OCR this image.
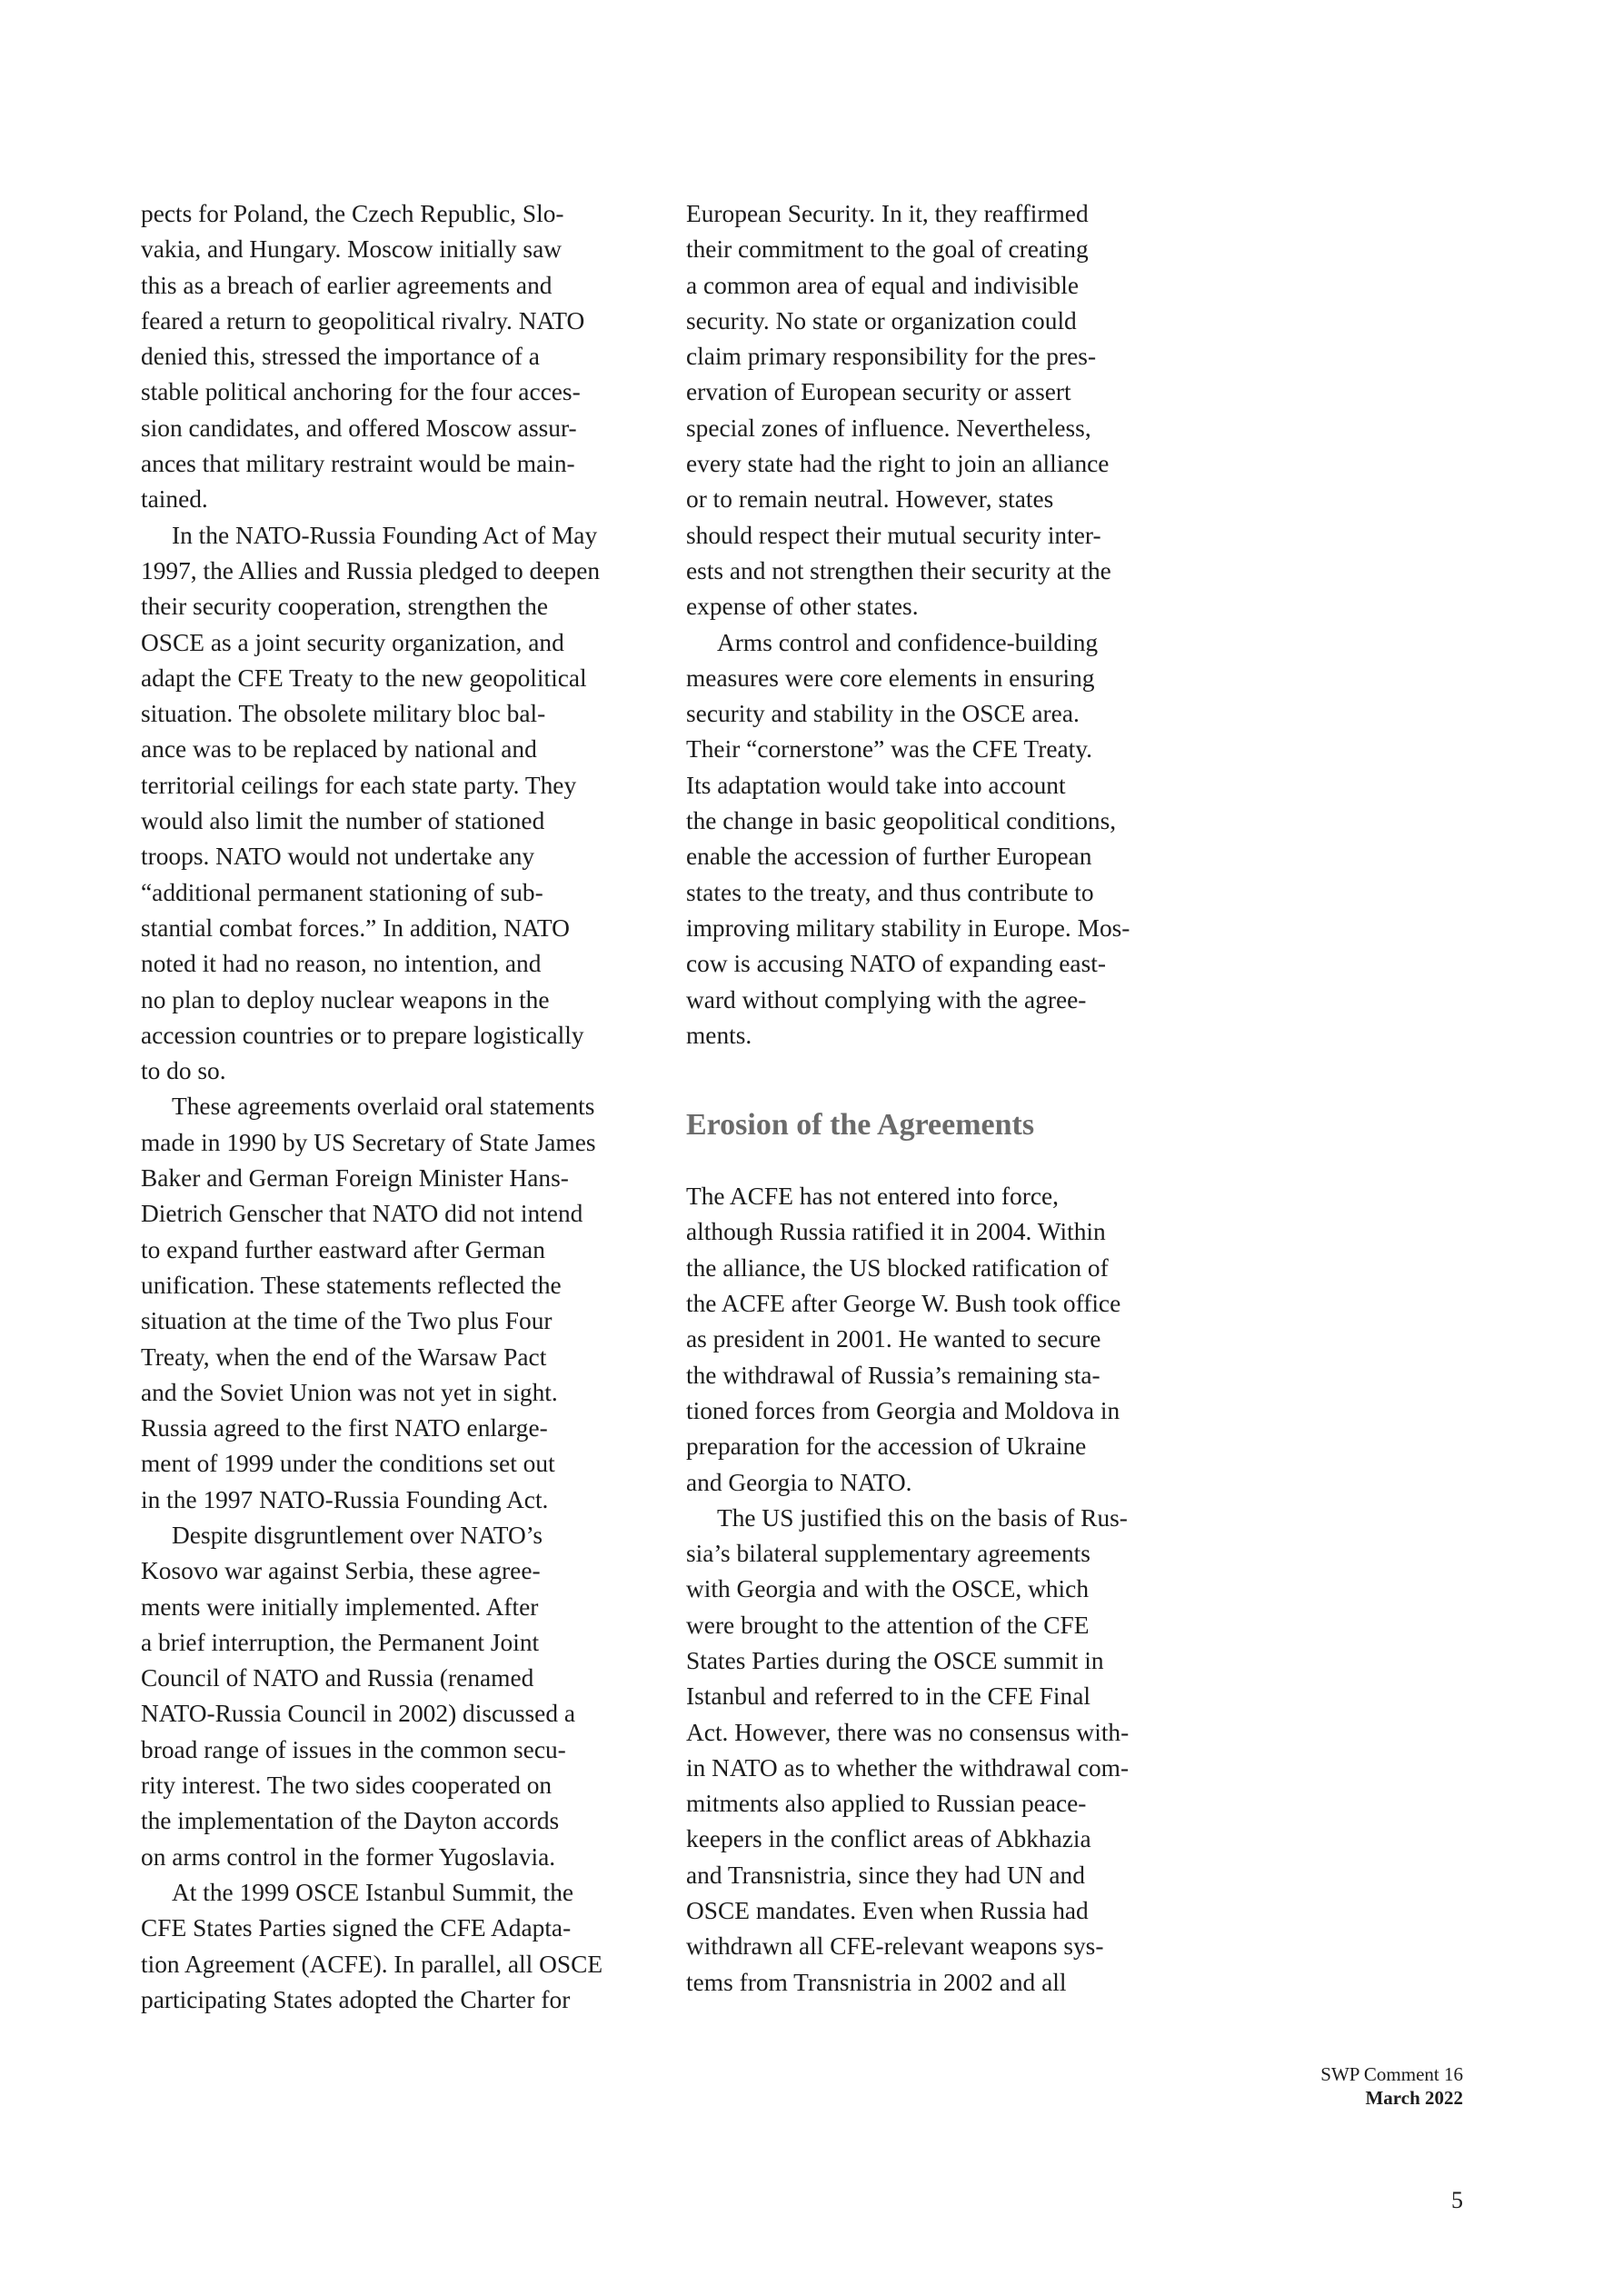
pects for Poland, the Czech Republic, Slo-
vakia, and Hungary. Moscow initially saw
this as a breach of earlier agreements and
feared a return to geopolitical rivalry. NATO
denied this, stressed the importance of a
stable political anchoring for the four acces-
sion candidates, and offered Moscow assur-
ances that military restraint would be main-
tained.
In the NATO-Russia Founding Act of May
1997, the Allies and Russia pledged to deepen
their security cooperation, strengthen the
OSCE as a joint security organization, and
adapt the CFE Treaty to the new geopolitical
situation. The obsolete military bloc bal-
ance was to be replaced by national and
territorial ceilings for each state party. They
would also limit the number of stationed
troops. NATO would not undertake any
“additional permanent stationing of sub-
stantial combat forces.” In addition, NATO
noted it had no reason, no intention, and
no plan to deploy nuclear weapons in the
accession countries or to prepare logistically
to do so.
These agreements overlaid oral statements
made in 1990 by US Secretary of State James
Baker and German Foreign Minister Hans-
Dietrich Genscher that NATO did not intend
to expand further eastward after German
unification. These statements reflected the
situation at the time of the Two plus Four
Treaty, when the end of the Warsaw Pact
and the Soviet Union was not yet in sight.
Russia agreed to the first NATO enlarge-
ment of 1999 under the conditions set out
in the 1997 NATO-Russia Founding Act.
Despite disgruntlement over NATO’s
Kosovo war against Serbia, these agree-
ments were initially implemented. After
a brief interruption, the Permanent Joint
Council of NATO and Russia (renamed
NATO-Russia Council in 2002) discussed a
broad range of issues in the common secu-
rity interest. The two sides cooperated on
the implementation of the Dayton accords
on arms control in the former Yugoslavia.
At the 1999 OSCE Istanbul Summit, the
CFE States Parties signed the CFE Adapta-
tion Agreement (ACFE). In parallel, all OSCE
participating States adopted the Charter for
European Security. In it, they reaffirmed
their commitment to the goal of creating
a common area of equal and indivisible
security. No state or organization could
claim primary responsibility for the pres-
ervation of European security or assert
special zones of influence. Nevertheless,
every state had the right to join an alliance
or to remain neutral. However, states
should respect their mutual security inter-
ests and not strengthen their security at the
expense of other states.
Arms control and confidence-building
measures were core elements in ensuring
security and stability in the OSCE area.
Their “cornerstone” was the CFE Treaty.
Its adaptation would take into account
the change in basic geopolitical conditions,
enable the accession of further European
states to the treaty, and thus contribute to
improving military stability in Europe. Mos-
cow is accusing NATO of expanding east-
ward without complying with the agree-
ments.
Erosion of the Agreements
The ACFE has not entered into force,
although Russia ratified it in 2004. Within
the alliance, the US blocked ratification of
the ACFE after George W. Bush took office
as president in 2001. He wanted to secure
the withdrawal of Russia’s remaining sta-
tioned forces from Georgia and Moldova in
preparation for the accession of Ukraine
and Georgia to NATO.
The US justified this on the basis of Rus-
sia’s bilateral supplementary agreements
with Georgia and with the OSCE, which
were brought to the attention of the CFE
States Parties during the OSCE summit in
Istanbul and referred to in the CFE Final
Act. However, there was no consensus with-
in NATO as to whether the withdrawal com-
mitments also applied to Russian peace-
keepers in the conflict areas of Abkhazia
and Transnistria, since they had UN and
OSCE mandates. Even when Russia had
withdrawn all CFE-relevant weapons sys-
tems from Transnistria in 2002 and all
SWP Comment 16
March 2022
5
